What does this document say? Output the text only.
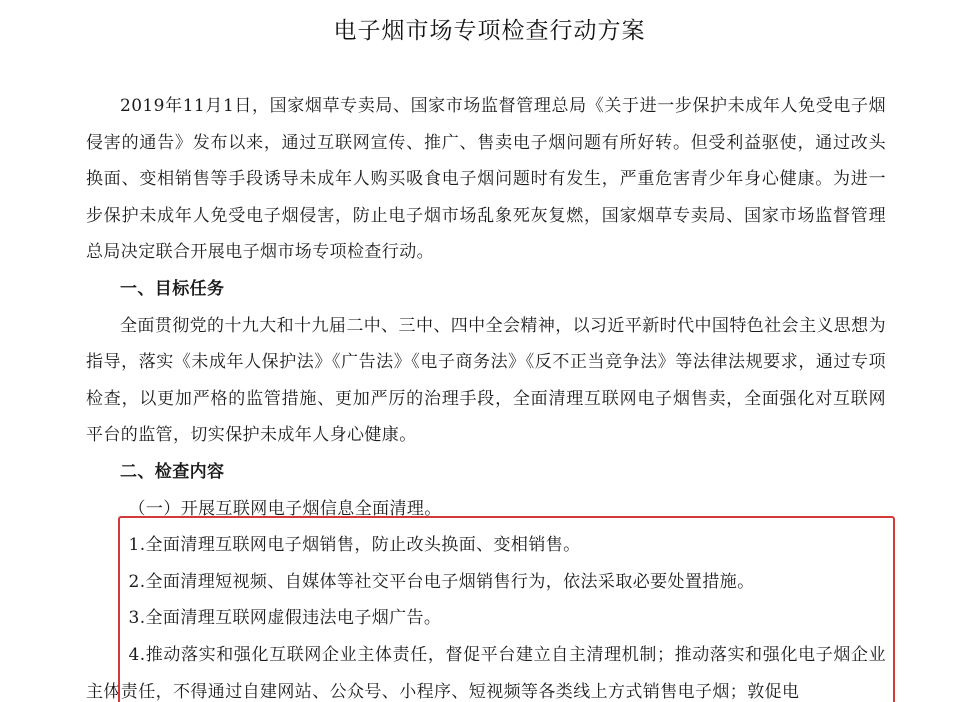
电子烟市场专项检查行动方案

2019年11月1日，国家烟草专卖局、国家市场监督管理总局《关于进一步保护未成年人免受电子烟侵害的通告》发布以来，通过互联网宣传、推广、售卖电子烟问题有所好转。但受利益驱使，通过改头换面、变相销售等手段诱导未成年人购买吸食电子烟问题时有发生，严重危害青少年身心健康。为进一步保护未成年人免受电子烟侵害，防止电子烟市场乱象死灰复燃，国家烟草专卖局、国家市场监督管理总局决定联合开展电子烟市场专项检查行动。

一、目标任务

全面贯彻党的十九大和十九届二中、三中、四中全会精神，以习近平新时代中国特色社会主义思想为指导，落实《未成年人保护法》《广告法》《电子商务法》《反不正当竞争法》等法律法规要求，通过专项检查，以更加严格的监管措施、更加严厉的治理手段，全面清理互联网电子烟售卖，全面强化对互联网平台的监管，切实保护未成年人身心健康。

二、检查内容

（一）开展互联网电子烟信息全面清理。

1.全面清理互联网电子烟销售，防止改头换面、变相销售。

2.全面清理短视频、自媒体等社交平台电子烟销售行为，依法采取必要处置措施。

3.全面清理互联网虚假违法电子烟广告。

4.推动落实和强化互联网企业主体责任，督促平台建立自主清理机制；推动落实和强化电子烟企业主体责任，不得通过自建网站、公众号、小程序、短视频等各类线上方式销售电子烟；敦促电
